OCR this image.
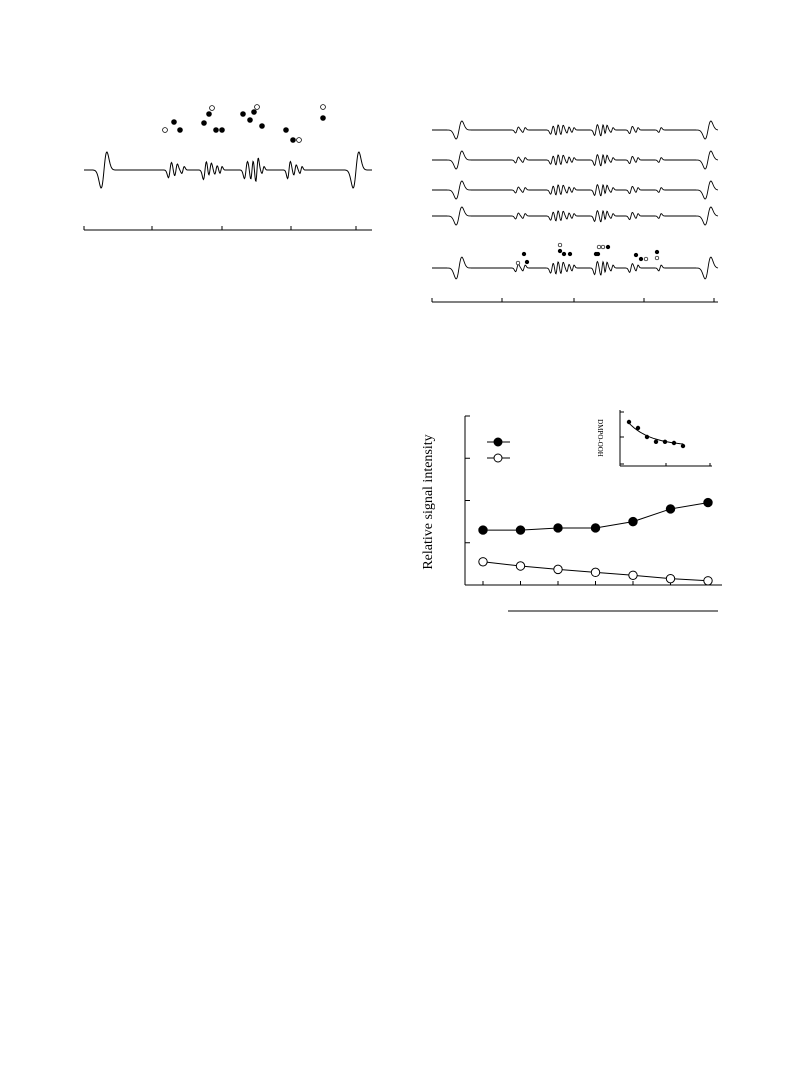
Relative signal intensity	DMPO-OOH
